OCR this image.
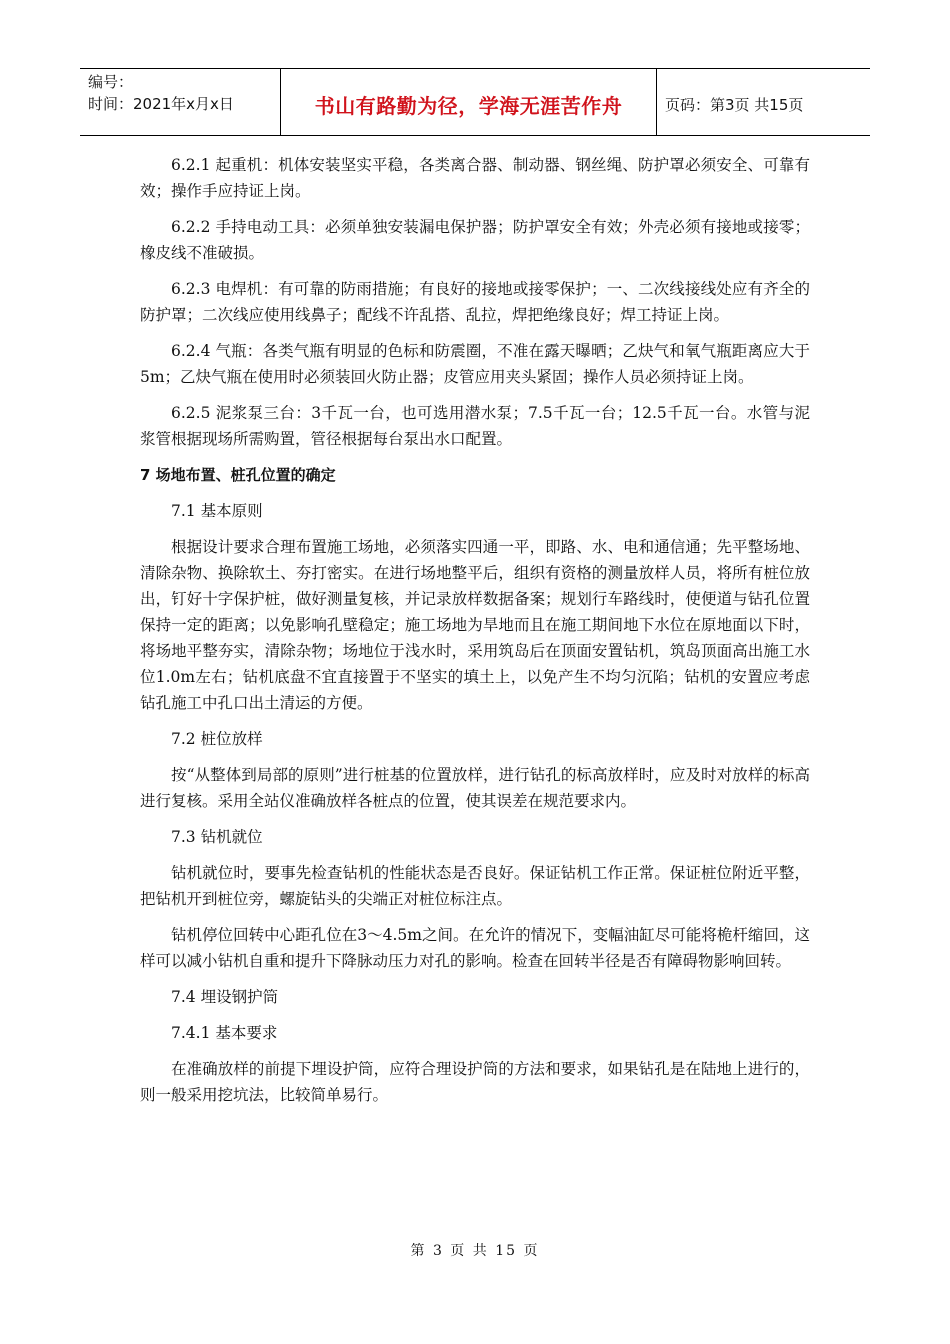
编号：
时间：2021年x月x日	书山有路勤为径，学海无涯苦作舟	页码：第3页 共15页

6.2.1 起重机：机体安装坚实平稳，各类离合器、制动器、钢丝绳、防护罩必须安全、可靠有效；操作手应持证上岗。

6.2.2 手持电动工具：必须单独安装漏电保护器；防护罩安全有效；外壳必须有接地或接零；橡皮线不准破损。

6.2.3 电焊机：有可靠的防雨措施；有良好的接地或接零保护；一、二次线接线处应有齐全的防护罩；二次线应使用线鼻子；配线不许乱搭、乱拉，焊把绝缘良好；焊工持证上岗。

6.2.4 气瓶：各类气瓶有明显的色标和防震圈，不准在露天曝晒；乙炔气和氧气瓶距离应大于5m；乙炔气瓶在使用时必须装回火防止器；皮管应用夹头紧固；操作人员必须持证上岗。

6.2.5 泥浆泵三台：3千瓦一台，也可选用潜水泵；7.5千瓦一台；12.5千瓦一台。水管与泥浆管根据现场所需购置，管径根据每台泵出水口配置。

7 场地布置、桩孔位置的确定

7.1 基本原则

根据设计要求合理布置施工场地，必须落实四通一平，即路、水、电和通信通；先平整场地、清除杂物、换除软土、夯打密实。在进行场地整平后，组织有资格的测量放样人员，将所有桩位放出，钉好十字保护桩，做好测量复核，并记录放样数据备案；规划行车路线时，使便道与钻孔位置保持一定的距离；以免影响孔壁稳定；施工场地为旱地而且在施工期间地下水位在原地面以下时，将场地平整夯实，清除杂物；场地位于浅水时，采用筑岛后在顶面安置钻机，筑岛顶面高出施工水位1.0m左右；钻机底盘不宜直接置于不坚实的填土上，以免产生不均匀沉陷；钻机的安置应考虑钻孔施工中孔口出土清运的方便。

7.2 桩位放样

按“从整体到局部的原则”进行桩基的位置放样，进行钻孔的标高放样时，应及时对放样的标高进行复核。采用全站仪准确放样各桩点的位置，使其误差在规范要求内。

7.3 钻机就位

钻机就位时，要事先检查钻机的性能状态是否良好。保证钻机工作正常。保证桩位附近平整，把钻机开到桩位旁，螺旋钻头的尖端正对桩位标注点。

钻机停位回转中心距孔位在3～4.5m之间。在允许的情况下，变幅油缸尽可能将桅杆缩回，这样可以减小钻机自重和提升下降脉动压力对孔的影响。检查在回转半径是否有障碍物影响回转。

7.4 埋设钢护筒

7.4.1 基本要求

在准确放样的前提下埋设护筒，应符合理设护筒的方法和要求，如果钻孔是在陆地上进行的，则一般采用挖坑法，比较简单易行。

第 3 页 共 15 页
